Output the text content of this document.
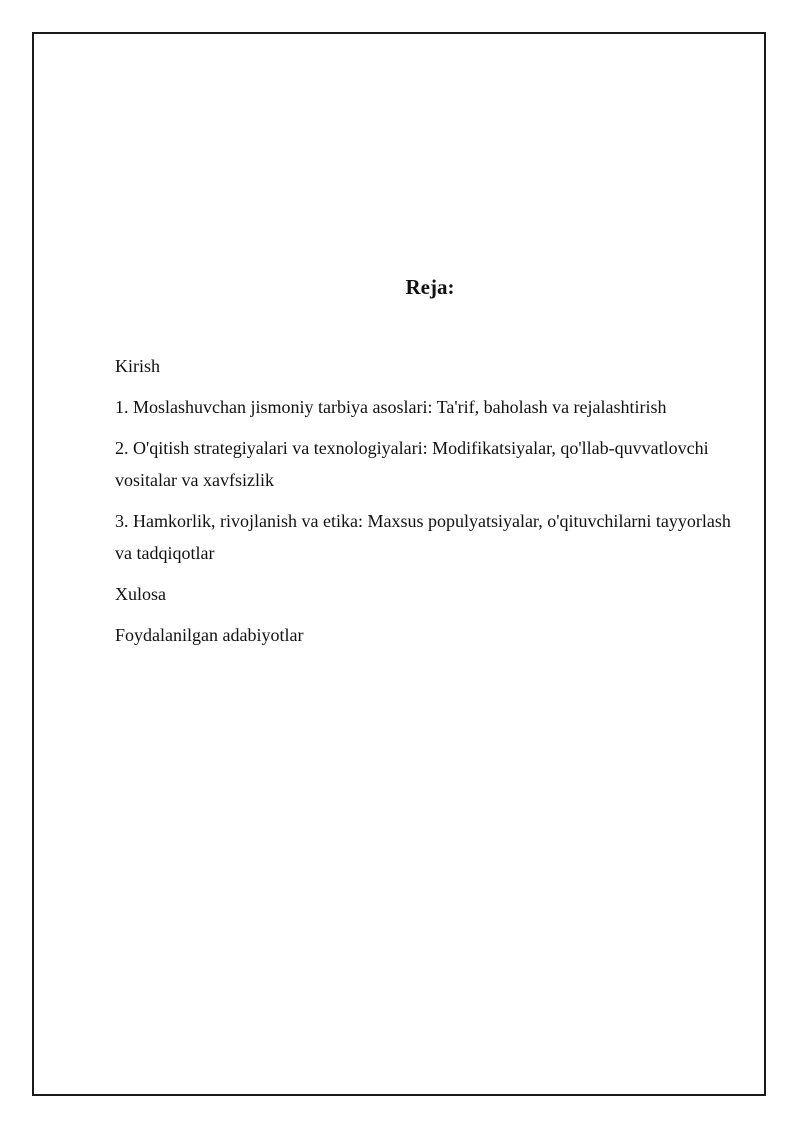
Reja:
Kirish
1. Moslashuvchan jismoniy tarbiya asoslari: Ta'rif, baholash va rejalashtirish
2. O'qitish strategiyalari va texnologiyalari: Modifikatsiyalar, qo'llab-quvvatlovchi vositalar va xavfsizlik
3. Hamkorlik, rivojlanish va etika: Maxsus populyatsiyalar, o'qituvchilarni tayyorlash va tadqiqotlar
Xulosa
Foydalanilgan adabiyotlar
